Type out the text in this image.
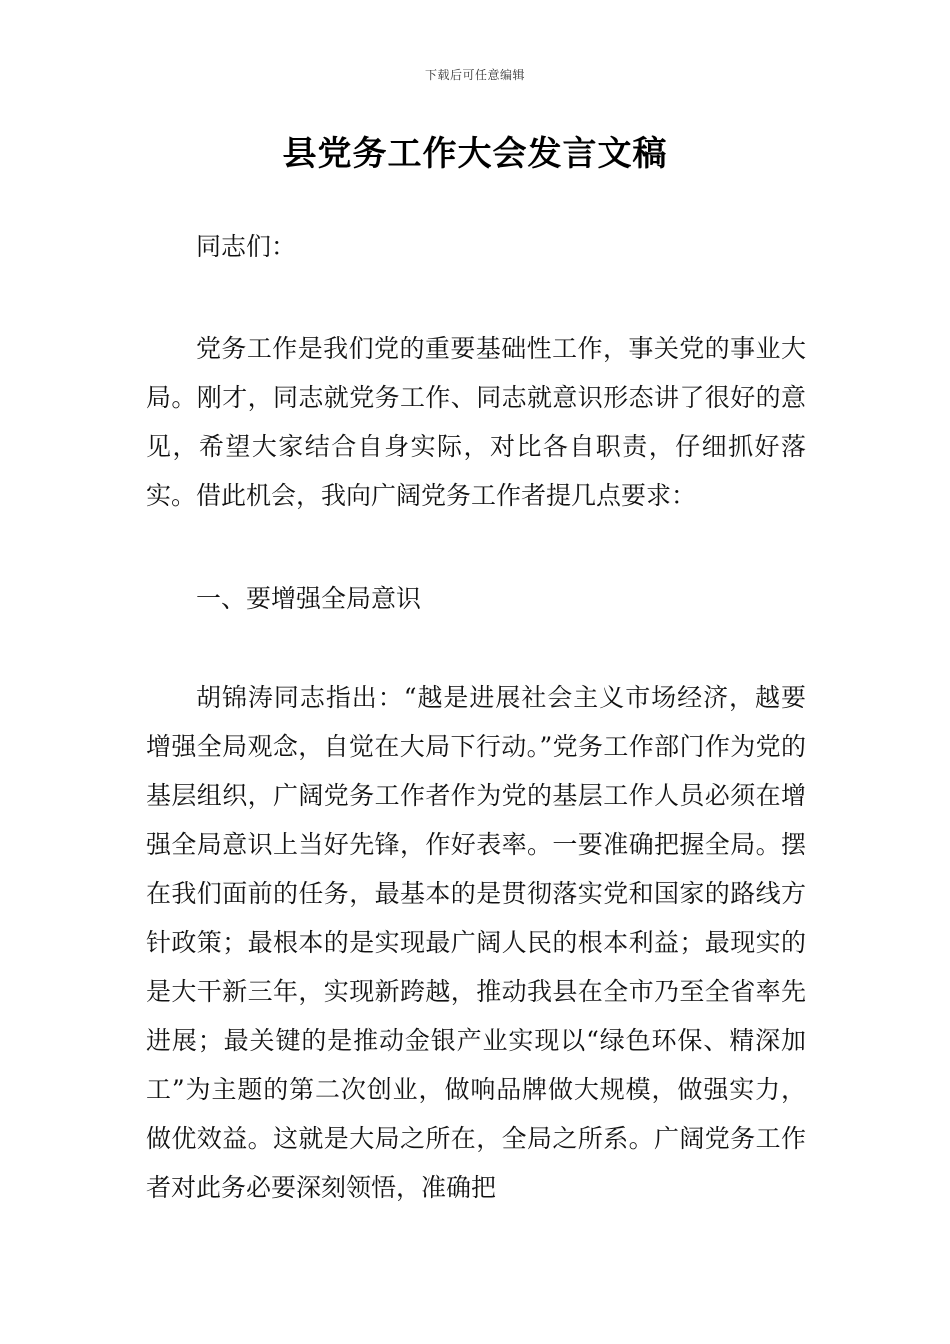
下载后可任意编辑
县党务工作大会发言文稿

同志们：

党务工作是我们党的重要基础性工作，事关党的事业大局。刚才，同志就党务工作、同志就意识形态讲了很好的意见，希望大家结合自身实际，对比各自职责，仔细抓好落实。借此机会，我向广阔党务工作者提几点要求：

一、要增强全局意识

胡锦涛同志指出：“越是进展社会主义市场经济，越要增强全局观念，自觉在大局下行动。”党务工作部门作为党的基层组织，广阔党务工作者作为党的基层工作人员必须在增强全局意识上当好先锋，作好表率。一要准确把握全局。摆在我们面前的任务，最基本的是贯彻落实党和国家的路线方针政策；最根本的是实现最广阔人民的根本利益；最现实的是大干新三年，实现新跨越，推动我县在全市乃至全省率先进展；最关键的是推动金银产业实现以“绿色环保、精深加工”为主题的第二次创业，做响品牌做大规模，做强实力，做优效益。这就是大局之所在，全局之所系。广阔党务工作者对此务必要深刻领悟，准确把
